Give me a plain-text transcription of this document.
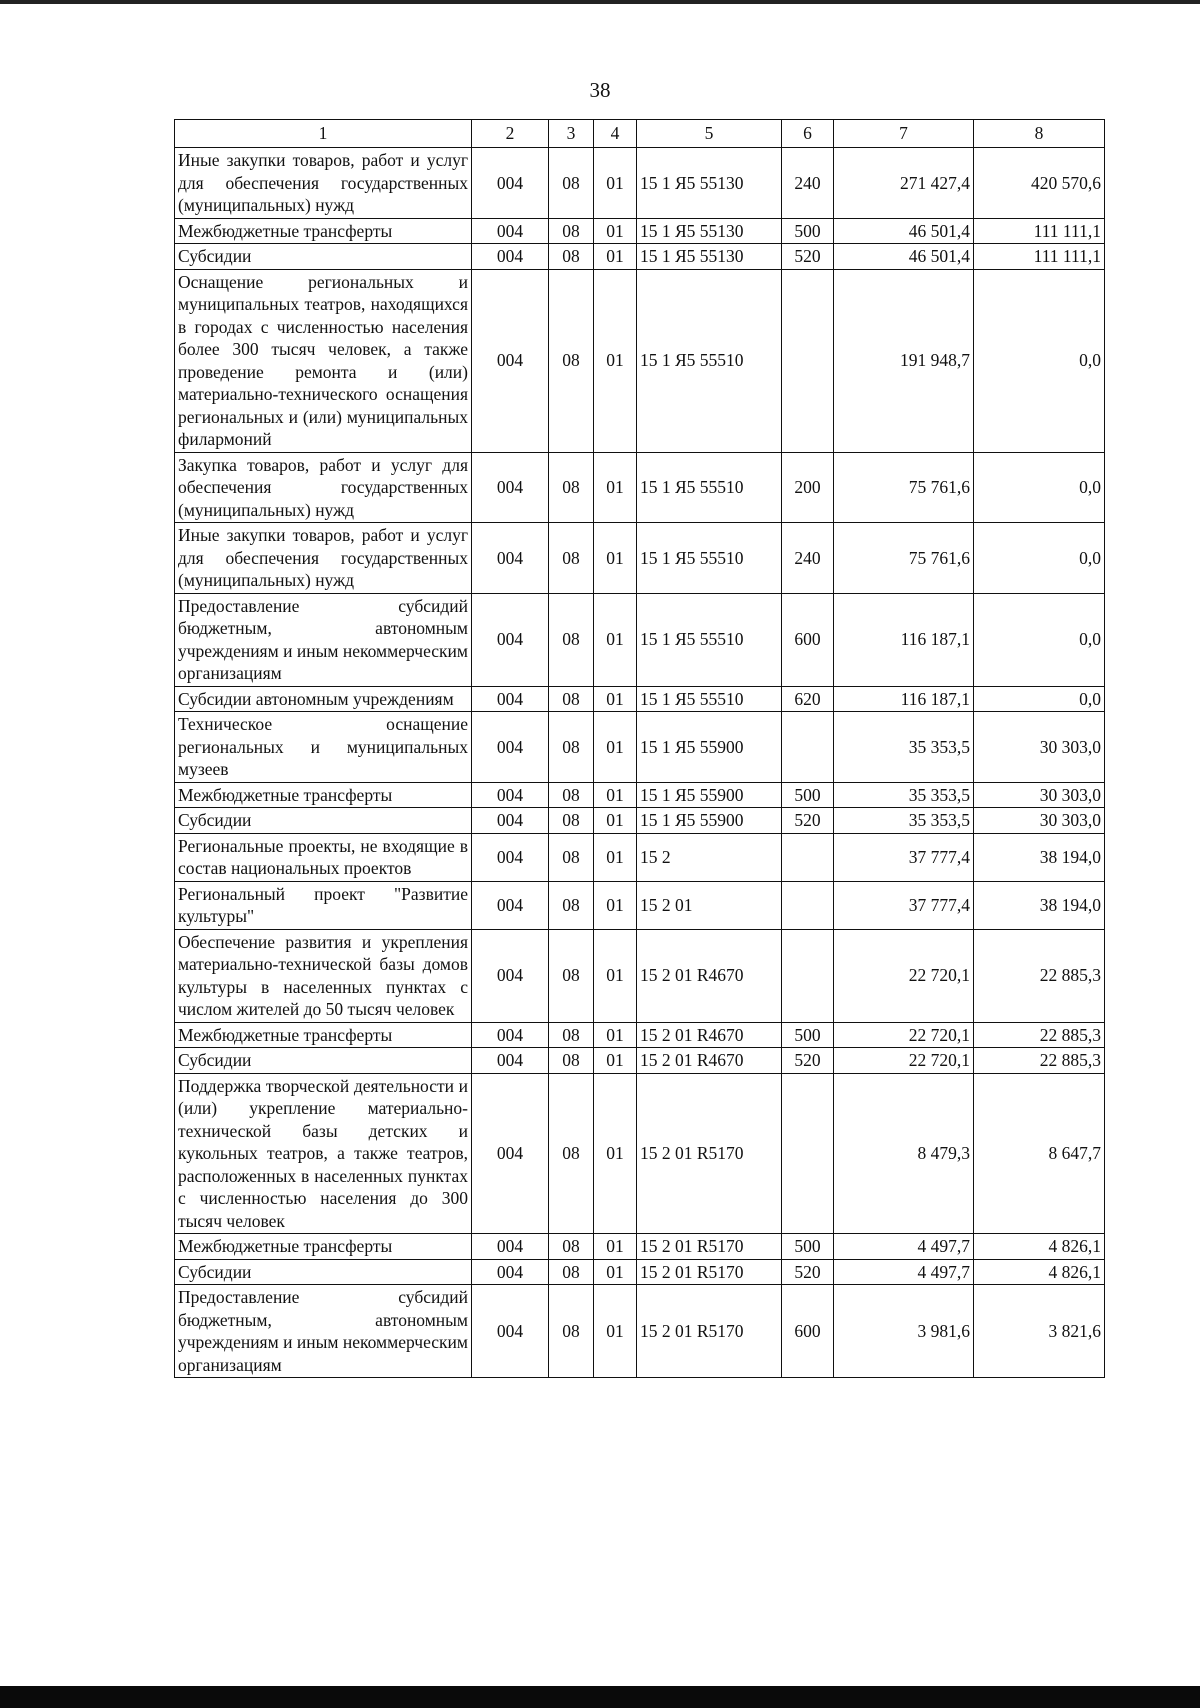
38
1	2	3	4	5	6	7	8
Иные закупки товаров, работ и услуг для обеспечения государственных (муниципальных) нужд	004	08	01	15 1 Я5 55130	240	271 427,4	420 570,6
Межбюджетные трансферты	004	08	01	15 1 Я5 55130	500	46 501,4	111 111,1
Субсидии	004	08	01	15 1 Я5 55130	520	46 501,4	111 111,1
Оснащение региональных и муниципальных театров, находящихся в городах с численностью населения более 300 тысяч человек, а также проведение ремонта и (или) материально-технического оснащения региональных и (или) муниципальных филармоний	004	08	01	15 1 Я5 55510		191 948,7	0,0
Закупка товаров, работ и услуг для обеспечения государственных (муниципальных) нужд	004	08	01	15 1 Я5 55510	200	75 761,6	0,0
Иные закупки товаров, работ и услуг для обеспечения государственных (муниципальных) нужд	004	08	01	15 1 Я5 55510	240	75 761,6	0,0
Предоставление субсидий бюджетным, автономным учреждениям и иным некоммерческим организациям	004	08	01	15 1 Я5 55510	600	116 187,1	0,0
Субсидии автономным учреждениям	004	08	01	15 1 Я5 55510	620	116 187,1	0,0
Техническое оснащение региональных и муниципальных музеев	004	08	01	15 1 Я5 55900		35 353,5	30 303,0
Межбюджетные трансферты	004	08	01	15 1 Я5 55900	500	35 353,5	30 303,0
Субсидии	004	08	01	15 1 Я5 55900	520	35 353,5	30 303,0
Региональные проекты, не входящие в состав национальных проектов	004	08	01	15 2		37 777,4	38 194,0
Региональный проект "Развитие культуры"	004	08	01	15 2 01		37 777,4	38 194,0
Обеспечение развития и укрепления материально-технической базы домов культуры в населенных пунктах с числом жителей до 50 тысяч человек	004	08	01	15 2 01 R4670		22 720,1	22 885,3
Межбюджетные трансферты	004	08	01	15 2 01 R4670	500	22 720,1	22 885,3
Субсидии	004	08	01	15 2 01 R4670	520	22 720,1	22 885,3
Поддержка творческой деятельности и (или) укрепление материально-технической базы детских и кукольных театров, а также театров, расположенных в населенных пунктах с численностью населения до 300 тысяч человек	004	08	01	15 2 01 R5170		8 479,3	8 647,7
Межбюджетные трансферты	004	08	01	15 2 01 R5170	500	4 497,7	4 826,1
Субсидии	004	08	01	15 2 01 R5170	520	4 497,7	4 826,1
Предоставление субсидий бюджетным, автономным учреждениям и иным некоммерческим организациям	004	08	01	15 2 01 R5170	600	3 981,6	3 821,6
